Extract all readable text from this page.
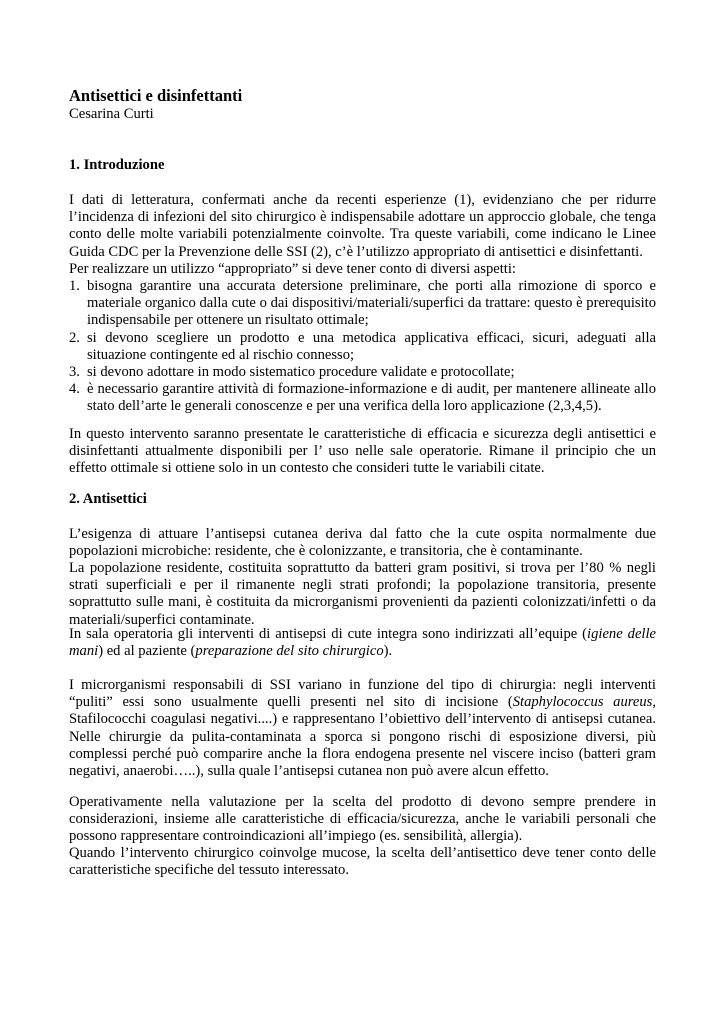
Antisettici e disinfettanti
Cesarina Curti
1. Introduzione

I dati di letteratura, confermati anche da recenti esperienze (1), evidenziano che per ridurre l’incidenza di infezioni del sito chirurgico è indispensabile adottare un approccio globale, che tenga conto delle molte variabili potenzialmente coinvolte. Tra queste variabili, come indicano le Linee Guida CDC per la Prevenzione delle SSI (2), c’è l’utilizzo appropriato di antisettici e disinfettanti.

Per realizzare un utilizzo “appropriato” si deve tener conto di diversi aspetti:

1. bisogna garantire una accurata detersione preliminare, che porti alla rimozione di sporco e materiale organico dalla cute o dai dispositivi/materiali/superfici da trattare: questo è prerequisito indispensabile per ottenere un risultato ottimale;
2. si devono scegliere un prodotto e una metodica applicativa efficaci, sicuri, adeguati alla situazione contingente ed al rischio connesso;
3. si devono adottare in modo sistematico procedure validate e protocollate;
4. è necessario garantire attività di formazione-informazione e di audit, per mantenere allineate allo stato dell’arte le generali conoscenze e per una verifica della loro applicazione (2,3,4,5).

In questo intervento saranno presentate le caratteristiche di efficacia e sicurezza degli antisettici e disinfettanti attualmente disponibili per l’ uso nelle sale operatorie. Rimane il principio che un effetto ottimale si ottiene solo in un contesto che consideri tutte le variabili citate.

2. Antisettici

L’esigenza di attuare l’antisepsi cutanea deriva dal fatto che la cute ospita normalmente due popolazioni microbiche: residente, che è colonizzante, e transitoria, che è contaminante.

La popolazione residente, costituita soprattutto da batteri gram positivi, si trova per l’80 % negli strati superficiali e per il rimanente negli strati profondi; la popolazione transitoria, presente soprattutto sulle mani, è costituita da microrganismi provenienti da pazienti colonizzati/infetti o da materiali/superfici contaminate.

In sala operatoria gli interventi di antisepsi di cute integra sono indirizzati all’equipe (igiene delle mani) ed al paziente (preparazione del sito chirurgico).

I microrganismi responsabili di SSI variano in funzione del tipo di chirurgia: negli interventi “puliti” essi sono usualmente quelli presenti nel sito di incisione (Staphylococcus aureus, Stafilococchi coagulasi negativi....) e rappresentano l’obiettivo dell’intervento di antisepsi cutanea. Nelle chirurgie da pulita-contaminata a sporca si pongono rischi di esposizione diversi, più complessi perché può comparire anche la flora endogena presente nel viscere inciso (batteri gram negativi, anaerobi…..), sulla quale l’antisepsi cutanea non può avere alcun effetto.

Operativamente nella valutazione per la scelta del prodotto di devono sempre prendere in considerazioni, insieme alle caratteristiche di efficacia/sicurezza, anche le variabili personali che possono rappresentare controindicazioni all’impiego (es. sensibilità, allergia).

Quando l’intervento chirurgico coinvolge mucose, la scelta dell’antisettico deve tener conto delle caratteristiche specifiche del tessuto interessato.
